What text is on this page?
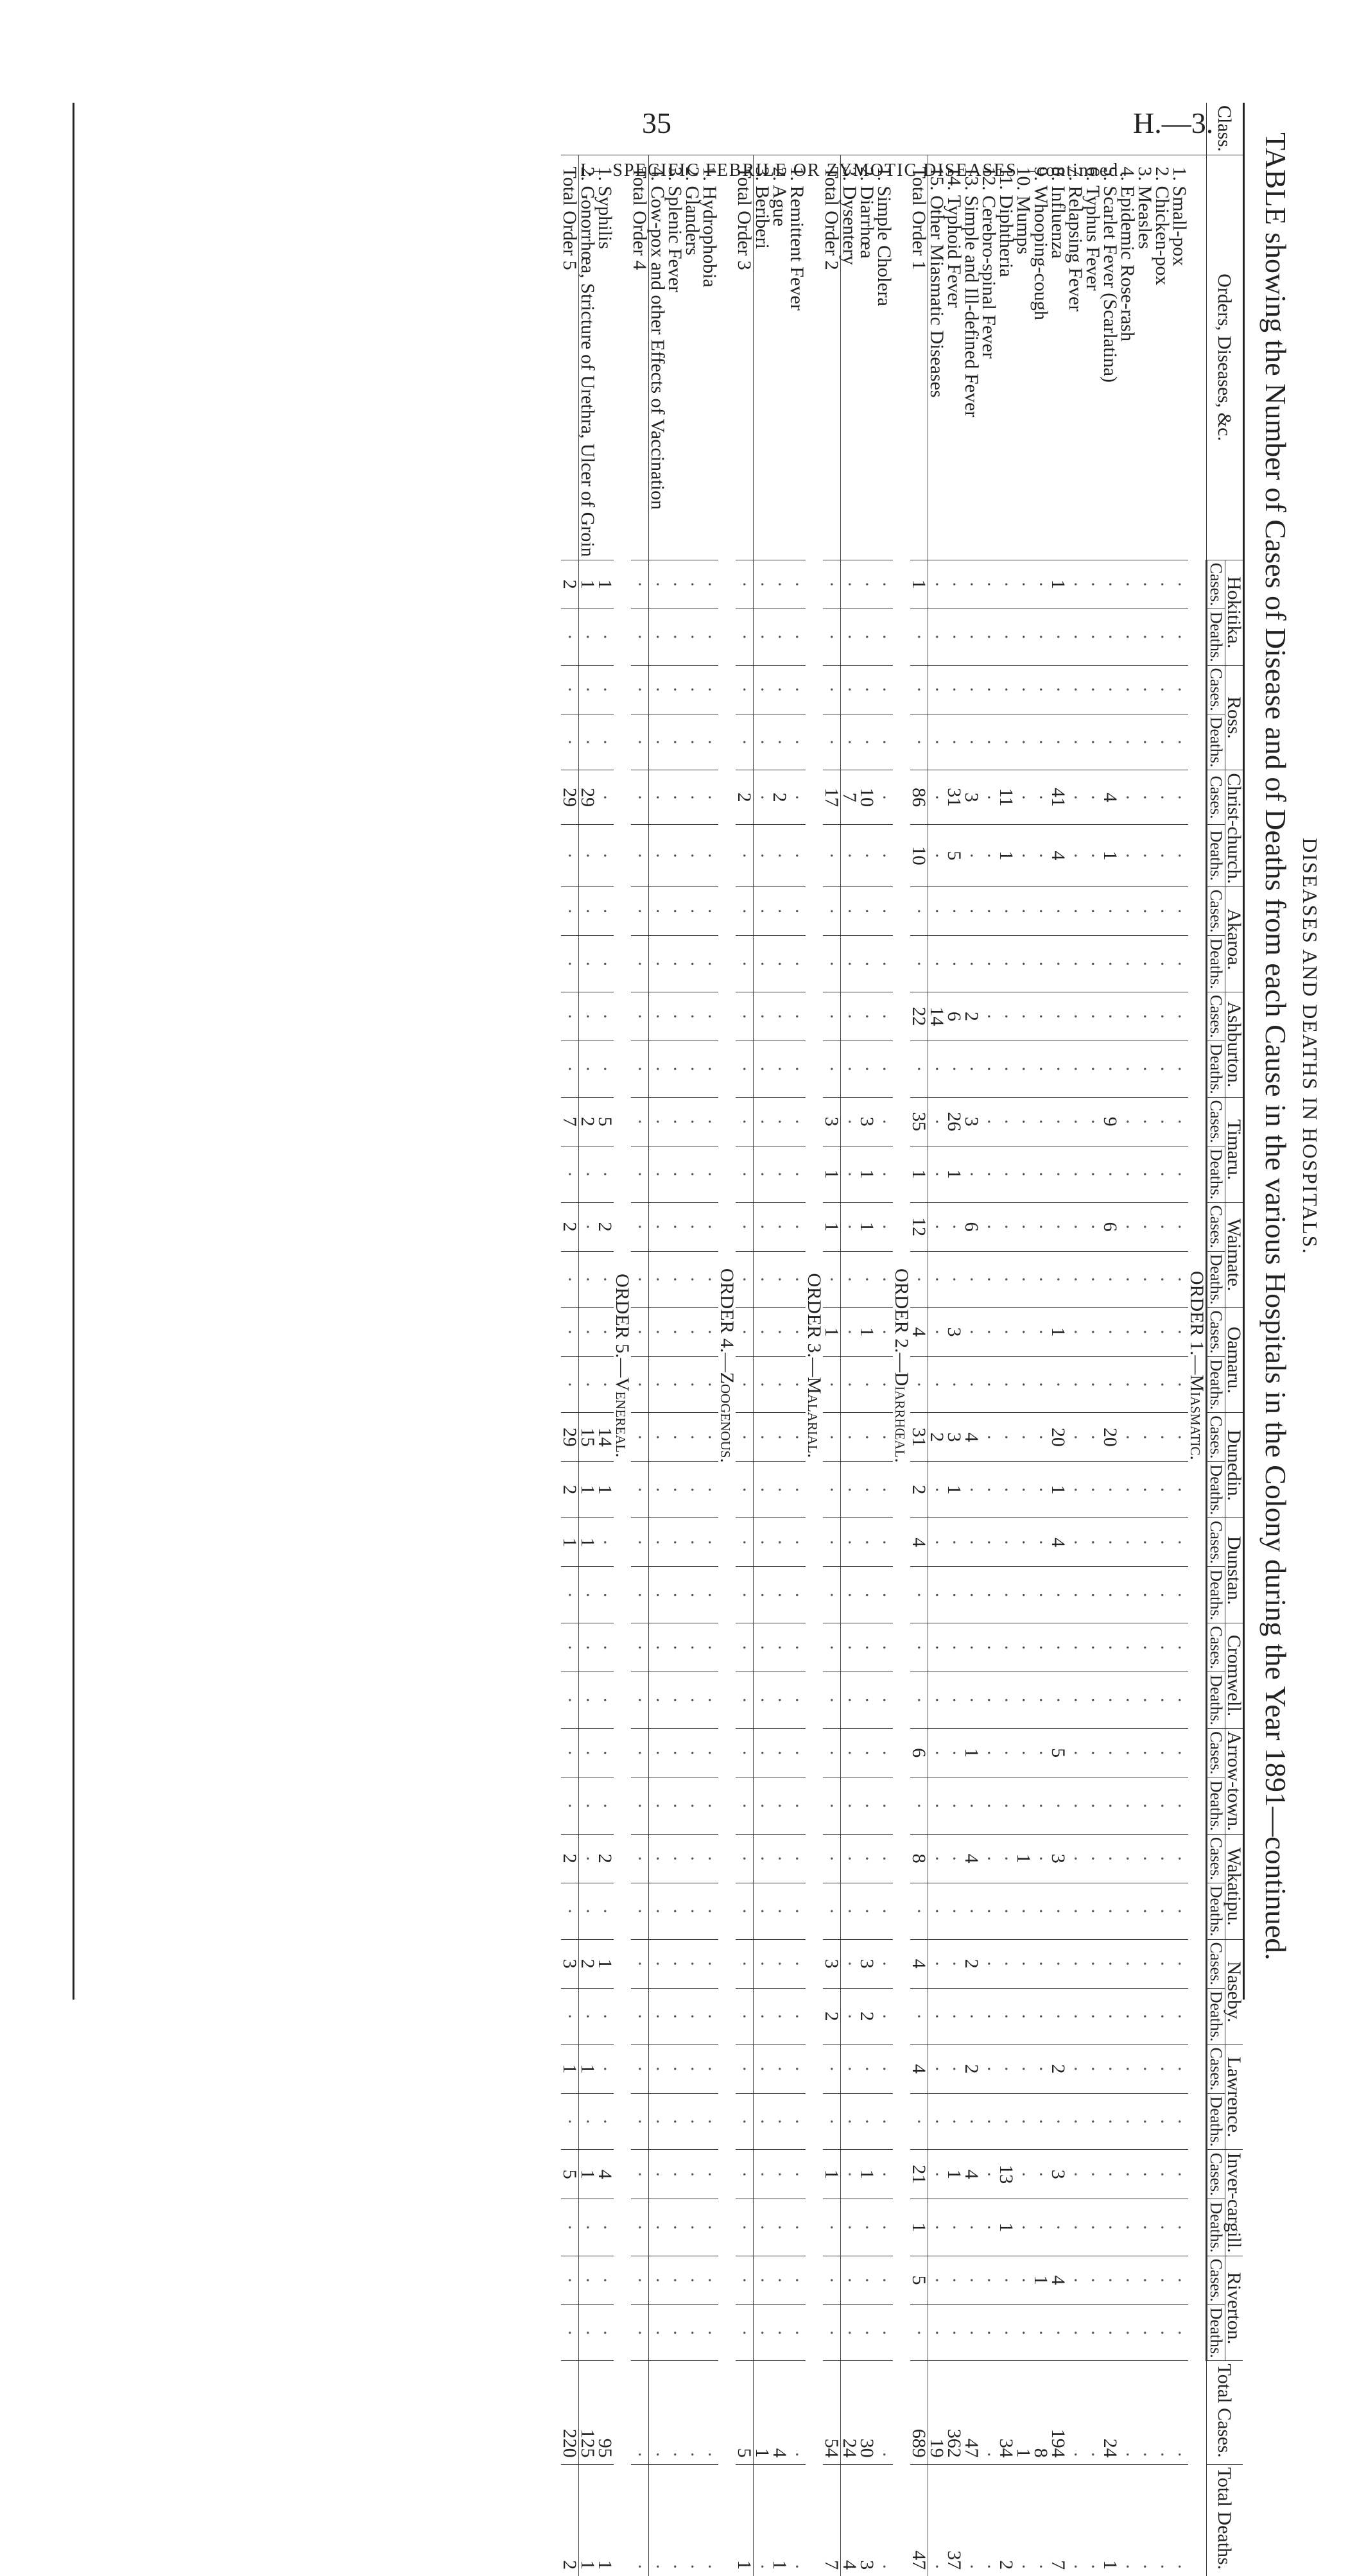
35	H.—3.
DISEASES AND DEATHS IN HOSPITALS.
TABLE showing the Number of Cases of Disease and of Deaths from each Cause in the various Hospitals in the Colony during the Year 1891—continued.
Class.	Orders, Diseases, &c.	Hokitika.		Ross.		Christ-church.		Akaroa.		Ashburton.		Timaru.		Waimate.		Oamaru.		Dunedin.		Dunstan.		Cromwell.		Arrow-town.		Wakatipu.		Naseby.		Lawrence.		Inver-cargill.		Riverton.		Total Cases.	Total Deaths.
		Cases.	Deaths.	Cases.	Deaths.	Cases.	Deaths.	Cases.	Deaths.	Cases.	Deaths.	Cases.	Deaths.	Cases.	Deaths.	Cases.	Deaths.	Cases.	Deaths.	Cases.	Deaths.	Cases.	Deaths.	Cases.	Deaths.	Cases.	Deaths.	Cases.	Deaths.	Cases.	Deaths.	Cases.	Deaths.	Cases.	Deaths.		
	ORDER 1.—Miasmatic.																																				
	1. Small-pox	·	·	·	·	·	·	·	·	·	·	·	·	·	·	·	·	·	·	·	·	·	·	·	·	·	·	·	·	·	·	·	·	·	·	·	·
	2. Chicken-pox	·	·	·	·	·	·	·	·	·	·	·	·	·	·	·	·	·	·	·	·	·	·	·	·	·	·	·	·	·	·	·	·	·	·	·	·
	3. Measles	·	·	·	·	·	·	·	·	·	·	·	·	·	·	·	·	·	·	·	·	·	·	·	·	·	·	·	·	·	·	·	·	·	·	·	·
	4. Epidemic Rose-rash	·	·	·	·	·	·	·	·	·	·	·	·	·	·	·	·	·	·	·	·	·	·	·	·	·	·	·	·	·	·	·	·	·	·	·	·
	5. Scarlet Fever (Scarlatina)	·	·	·	·	4	1	·	·	·	·	9	·	6	·	·	·	20	·	·	·	·	·	·	·	·	·	·	·	·	·	·	·	·	·	24	1
	6. Typhus Fever	·	·	·	·	·	·	·	·	·	·	·	·	·	·	·	·	·	·	·	·	·	·	·	·	·	·	·	·	·	·	·	·	·	·	·	·
	7. Relapsing Fever	·	·	·	·	·	·	·	·	·	·	·	·	·	·	·	·	·	·	·	·	·	·	·	·	·	·	·	·	·	·	·	·	·	·	·	·
	8. Influenza	1	·	·	·	41	4	·	·	·	·	·	·	·	·	1	·	20	1	4	·	·	·	5	·	3	·	·	·	2	·	3	·	4	·	194	7
	9. Whooping-cough	·	·	·	·	·	·	·	·	·	·	·	·	·	·	·	·	·	·	·	·	·	·	·	·	·	·	·	·	·	·	·	·	1	·	8	·
	10. Mumps	·	·	·	·	·	·	·	·	·	·	·	·	·	·	·	·	·	·	·	·	·	·	·	·	1	·	·	·	·	·	·	·	·	·	1	·
	11. Diphtheria	·	·	·	·	11	1	·	·	·	·	·	·	·	·	·	·	·	·	·	·	·	·	·	·	·	·	·	·	·	·	13	1	·	·	34	2
	12. Cerebro-spinal Fever	·	·	·	·	·	·	·	·	·	·	·	·	·	·	·	·	·	·	·	·	·	·	·	·	·	·	·	·	·	·	·	·	·	·	·	·
	13. Simple and Ill-defined Fever	·	·	·	·	3	·	·	·	2	·	3	·	6	·	·	·	4	·	·	·	·	·	1	·	4	·	2	·	2	·	4	·	·	·	47	·
	14. Typhoid Fever	·	·	·	·	31	5	·	·	6	·	26	1	·	·	3	·	3	1	·	·	·	·	·	·	·	·	·	·	·	·	1	·	·	·	362	37
	15. Other Miasmatic Diseases	·	·	·	·	·	·	·	·	14	·	·	·	·	·	·	·	2	·	·	·	·	·	·	·	·	·	·	·	·	·	·	·	·	·	19	·
	Total Order 1	1	·	·	·	86	10	·	·	22	·	35	1	12	·	4	·	31	2	4	·	·	·	6	·	8	·	4	·	4	·	21	1	5	·	689	47
	ORDER 2.—Diarrhœal.																																				
	1. Simple Cholera	·	·	·	·	·	·	·	·	·	·	·	·	·	·	·	·	·	·	·	·	·	·	·	·	·	·	·	·	·	·	·	·	·	·	·	·
	2. Diarrhœa	·	·	·	·	10	·	·	·	·	·	3	1	1	·	1	·	·	·	·	·	·	·	·	·	·	·	3	2	·	·	1	·	·	·	30	3
	3. Dysentery	·	·	·	·	7	·	·	·	·	·	·	·	·	·	·	·	·	·	·	·	·	·	·	·	·	·	·	·	·	·	·	·	·	·	24	4
	Total Order 2	·	·	·	·	17	·	·	·	·	·	3	1	1	·	1	·	·	·	·	·	·	·	·	·	·	·	3	2	·	·	1	·	·	·	54	7
	ORDER 3.—Malarial.																																				
	1. Remittent Fever	·	·	·	·	·	·	·	·	·	·	·	·	·	·	·	·	·	·	·	·	·	·	·	·	·	·	·	·	·	·	·	·	·	·	·	·
	2. Ague	·	·	·	·	2	·	·	·	·	·	·	·	·	·	·	·	·	·	·	·	·	·	·	·	·	·	·	·	·	·	·	·	·	·	4	1
	3. Beriberi	·	·	·	·	·	·	·	·	·	·	·	·	·	·	·	·	·	·	·	·	·	·	·	·	·	·	·	·	·	·	·	·	·	·	1	·
	Total Order 3	·	·	·	·	2	·	·	·	·	·	·	·	·	·	·	·	·	·	·	·	·	·	·	·	·	·	·	·	·	·	·	·	·	·	5	1
	ORDER 4.—Zoogenous.																																				
	1. Hydrophobia	·	·	·	·	·	·	·	·	·	·	·	·	·	·	·	·	·	·	·	·	·	·	·	·	·	·	·	·	·	·	·	·	·	·	·	·
	2. Glanders	·	·	·	·	·	·	·	·	·	·	·	·	·	·	·	·	·	·	·	·	·	·	·	·	·	·	·	·	·	·	·	·	·	·	·	·
	3. Splenic Fever	·	·	·	·	·	·	·	·	·	·	·	·	·	·	·	·	·	·	·	·	·	·	·	·	·	·	·	·	·	·	·	·	·	·	·	·
	4. Cow-pox and other Effects of Vaccination	·	·	·	·	·	·	·	·	·	·	·	·	·	·	·	·	·	·	·	·	·	·	·	·	·	·	·	·	·	·	·	·	·	·	·	·
	Total Order 4	·	·	·	·	·	·	·	·	·	·	·	·	·	·	·	·	·	·	·	·	·	·	·	·	·	·	·	·	·	·	·	·	·	·	·	·
	ORDER 5.—Venereal.																																				
	1. Syphilis	1	·	·	·	·	·	·	·	·	·	5	·	2	·	·	·	14	1	·	·	·	·	·	·	2	·	1	·	·	·	4	·	·	·	95	1
	2. Gonorrhœa, Stricture of Urethra, Ulcer of Groin	1	·	·	·	29	·	·	·	·	·	2	·	·	·	·	·	15	1	1	·	·	·	·	·	·	·	2	·	1	·	1	·	·	·	125	1
	Total Order 5	2	·	·	·	29	·	·	·	·	·	7	·	2	·	·	·	29	2	1	·	·	·	·	·	2	·	3	·	1	·	5	·	·	·	220	2
I.—SPECIFIC FEBRILE OR ZYMOTIC DISEASES—continued.
